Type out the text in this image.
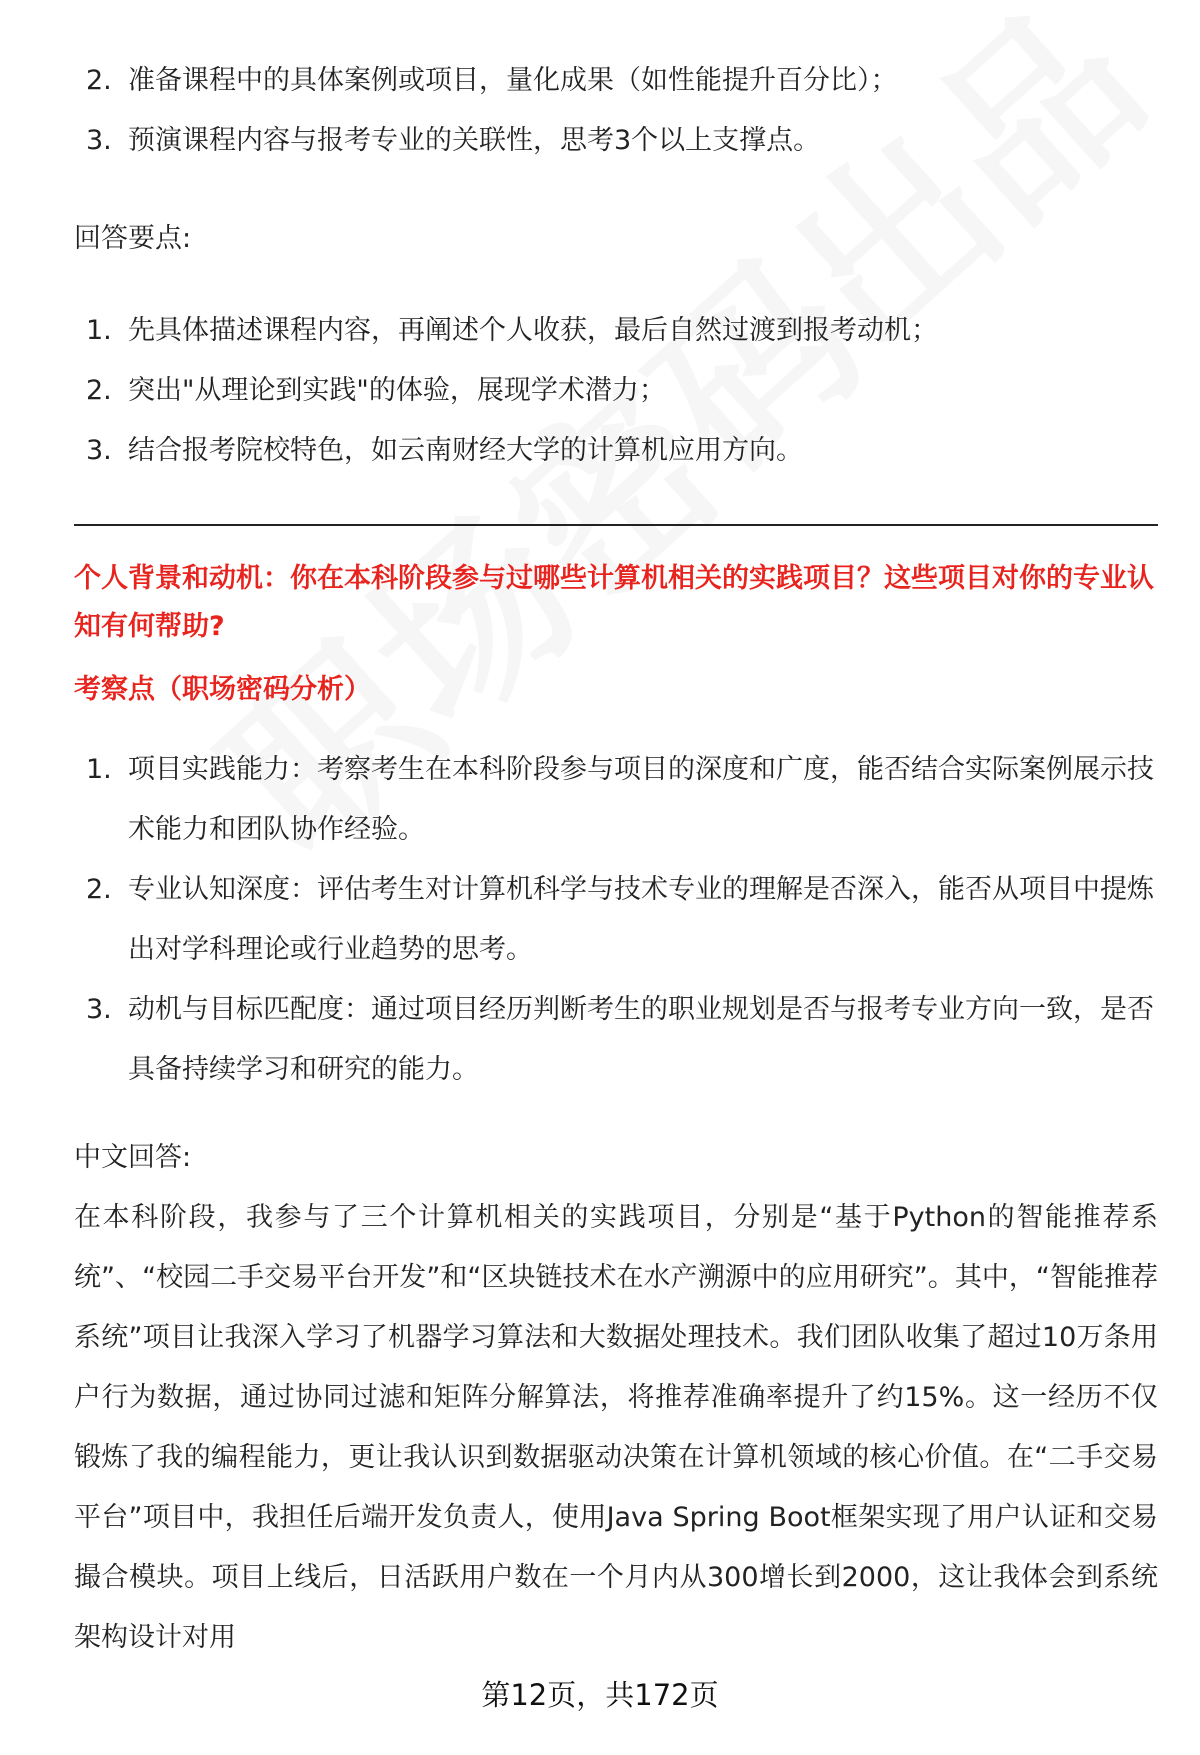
2. 准备课程中的具体案例或项目，量化成果（如性能提升百分比）；
3. 预演课程内容与报考专业的关联性，思考3个以上支撑点。
回答要点:
1. 先具体描述课程内容，再阐述个人收获，最后自然过渡到报考动机；
2. 突出"从理论到实践"的体验，展现学术潜力；
3. 结合报考院校特色，如云南财经大学的计算机应用方向。
个人背景和动机：你在本科阶段参与过哪些计算机相关的实践项目？这些项目对你的专业认知有何帮助?
考察点（职场密码分析）
1. 项目实践能力：考察考生在本科阶段参与项目的深度和广度，能否结合实际案例展示技术能力和团队协作经验。
2. 专业认知深度：评估考生对计算机科学与技术专业的理解是否深入，能否从项目中提炼出对学科理论或行业趋势的思考。
3. 动机与目标匹配度：通过项目经历判断考生的职业规划是否与报考专业方向一致，是否具备持续学习和研究的能力。
中文回答:
在本科阶段，我参与了三个计算机相关的实践项目，分别是“基于Python的智能推荐系统”、“校园二手交易平台开发”和“区块链技术在水产溯源中的应用研究”。其中，“智能推荐系统”项目让我深入学习了机器学习算法和大数据处理技术。我们团队收集了超过10万条用户行为数据，通过协同过滤和矩阵分解算法，将推荐准确率提升了约15%。这一经历不仅锻炼了我的编程能力，更让我认识到数据驱动决策在计算机领域的核心价值。在“二手交易平台”项目中，我担任后端开发负责人，使用Java Spring Boot框架实现了用户认证和交易撮合模块。项目上线后，日活跃用户数在一个月内从300增长到2000，这让我体会到系统架构设计对用
第12页，共172页
